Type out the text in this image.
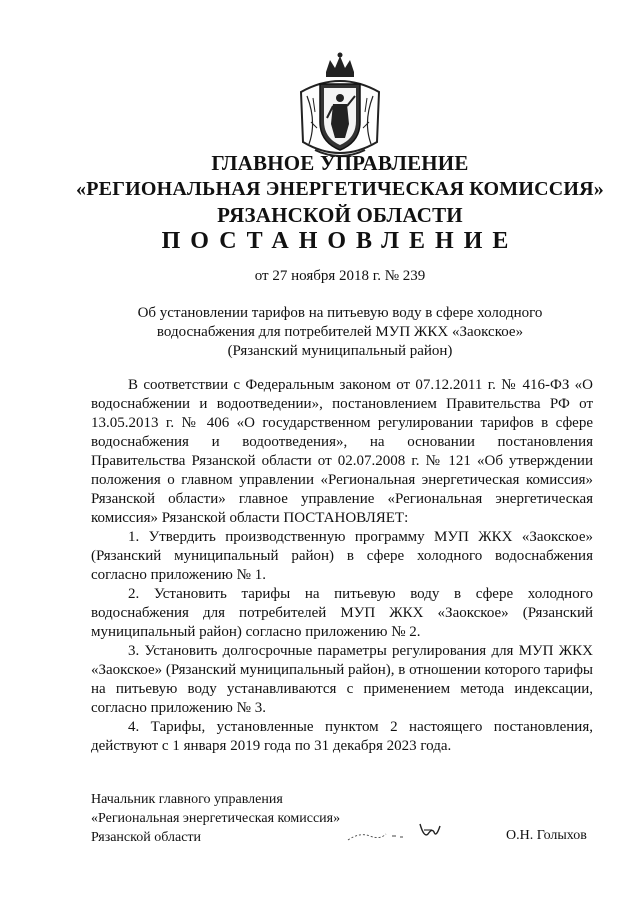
ГЛАВНОЕ УПРАВЛЕНИЕ
«РЕГИОНАЛЬНАЯ ЭНЕРГЕТИЧЕСКАЯ КОМИССИЯ»
РЯЗАНСКОЙ ОБЛАСТИ
ПОСТАНОВЛЕНИЕ
от 27 ноября 2018 г. № 239
Об установлении тарифов на питьевую воду в сфере холодного
водоснабжения для потребителей МУП ЖКХ «Заокское»
(Рязанский муниципальный район)

В соответствии с Федеральным законом от 07.12.2011 г. № 416-ФЗ «О водоснабжении и водоотведении», постановлением Правительства РФ от 13.05.2013 г. № 406 «О государственном регулировании тарифов в сфере водоснабжения и водоотведения», на основании постановления Правительства Рязанской области от 02.07.2008 г. № 121 «Об утверждении положения о главном управлении «Региональная энергетическая комиссия» Рязанской области» главное управление «Региональная энергетическая комиссия» Рязанской области ПОСТАНОВЛЯЕТ:

1. Утвердить производственную программу МУП ЖКХ «Заокское» (Рязанский муниципальный район) в сфере холодного водоснабжения согласно приложению № 1.

2. Установить тарифы на питьевую воду в сфере холодного водоснабжения для потребителей МУП ЖКХ «Заокское» (Рязанский муниципальный район) согласно приложению № 2.

3. Установить долгосрочные параметры регулирования для МУП ЖКХ «Заокское» (Рязанский муниципальный район), в отношении которого тарифы на питьевую воду устанавливаются с применением метода индексации, согласно приложению № 3.

4. Тарифы, установленные пунктом 2 настоящего постановления, действуют с 1 января 2019 года по 31 декабря 2023 года.

Начальник главного управления
«Региональная энергетическая комиссия»
Рязанской области	О.Н. Голыхов
